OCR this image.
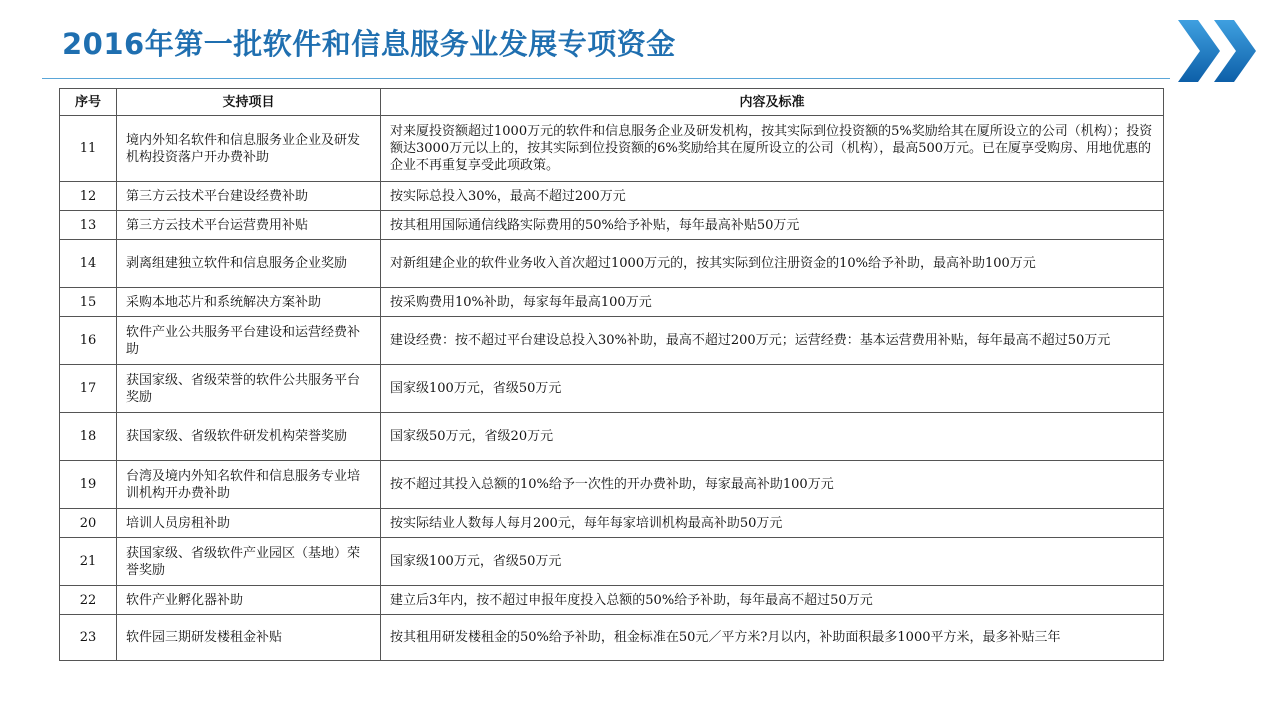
2016年第一批软件和信息服务业发展专项资金
序号	支持项目	内容及标准
11	境内外知名软件和信息服务业企业及研发机构投资落户开办费补助	对来厦投资额超过1000万元的软件和信息服务企业及研发机构，按其实际到位投资额的5%奖励给其在厦所设立的公司（机构）；投资额达3000万元以上的，按其实际到位投资额的6%奖励给其在厦所设立的公司（机构），最高500万元。已在厦享受购房、用地优惠的企业不再重复享受此项政策。
12	第三方云技术平台建设经费补助	按实际总投入30%，最高不超过200万元
13	第三方云技术平台运营费用补贴	按其租用国际通信线路实际费用的50%给予补贴，每年最高补贴50万元
14	剥离组建独立软件和信息服务企业奖励	对新组建企业的软件业务收入首次超过1000万元的，按其实际到位注册资金的10%给予补助，最高补助100万元
15	采购本地芯片和系统解决方案补助	按采购费用10%补助，每家每年最高100万元
16	软件产业公共服务平台建设和运营经费补助	建设经费：按不超过平台建设总投入30%补助，最高不超过200万元；运营经费：基本运营费用补贴，每年最高不超过50万元
17	获国家级、省级荣誉的软件公共服务平台奖励	国家级100万元，省级50万元
18	获国家级、省级软件研发机构荣誉奖励	国家级50万元，省级20万元
19	台湾及境内外知名软件和信息服务专业培训机构开办费补助	按不超过其投入总额的10%给予一次性的开办费补助，每家最高补助100万元
20	培训人员房租补助	按实际结业人数每人每月200元，每年每家培训机构最高补助50万元
21	获国家级、省级软件产业园区（基地）荣誉奖励	国家级100万元，省级50万元
22	软件产业孵化器补助	建立后3年内，按不超过申报年度投入总额的50%给予补助，每年最高不超过50万元
23	软件园三期研发楼租金补贴	按其租用研发楼租金的50%给予补助，租金标准在50元／平方米?月以内，补助面积最多1000平方米，最多补贴三年
